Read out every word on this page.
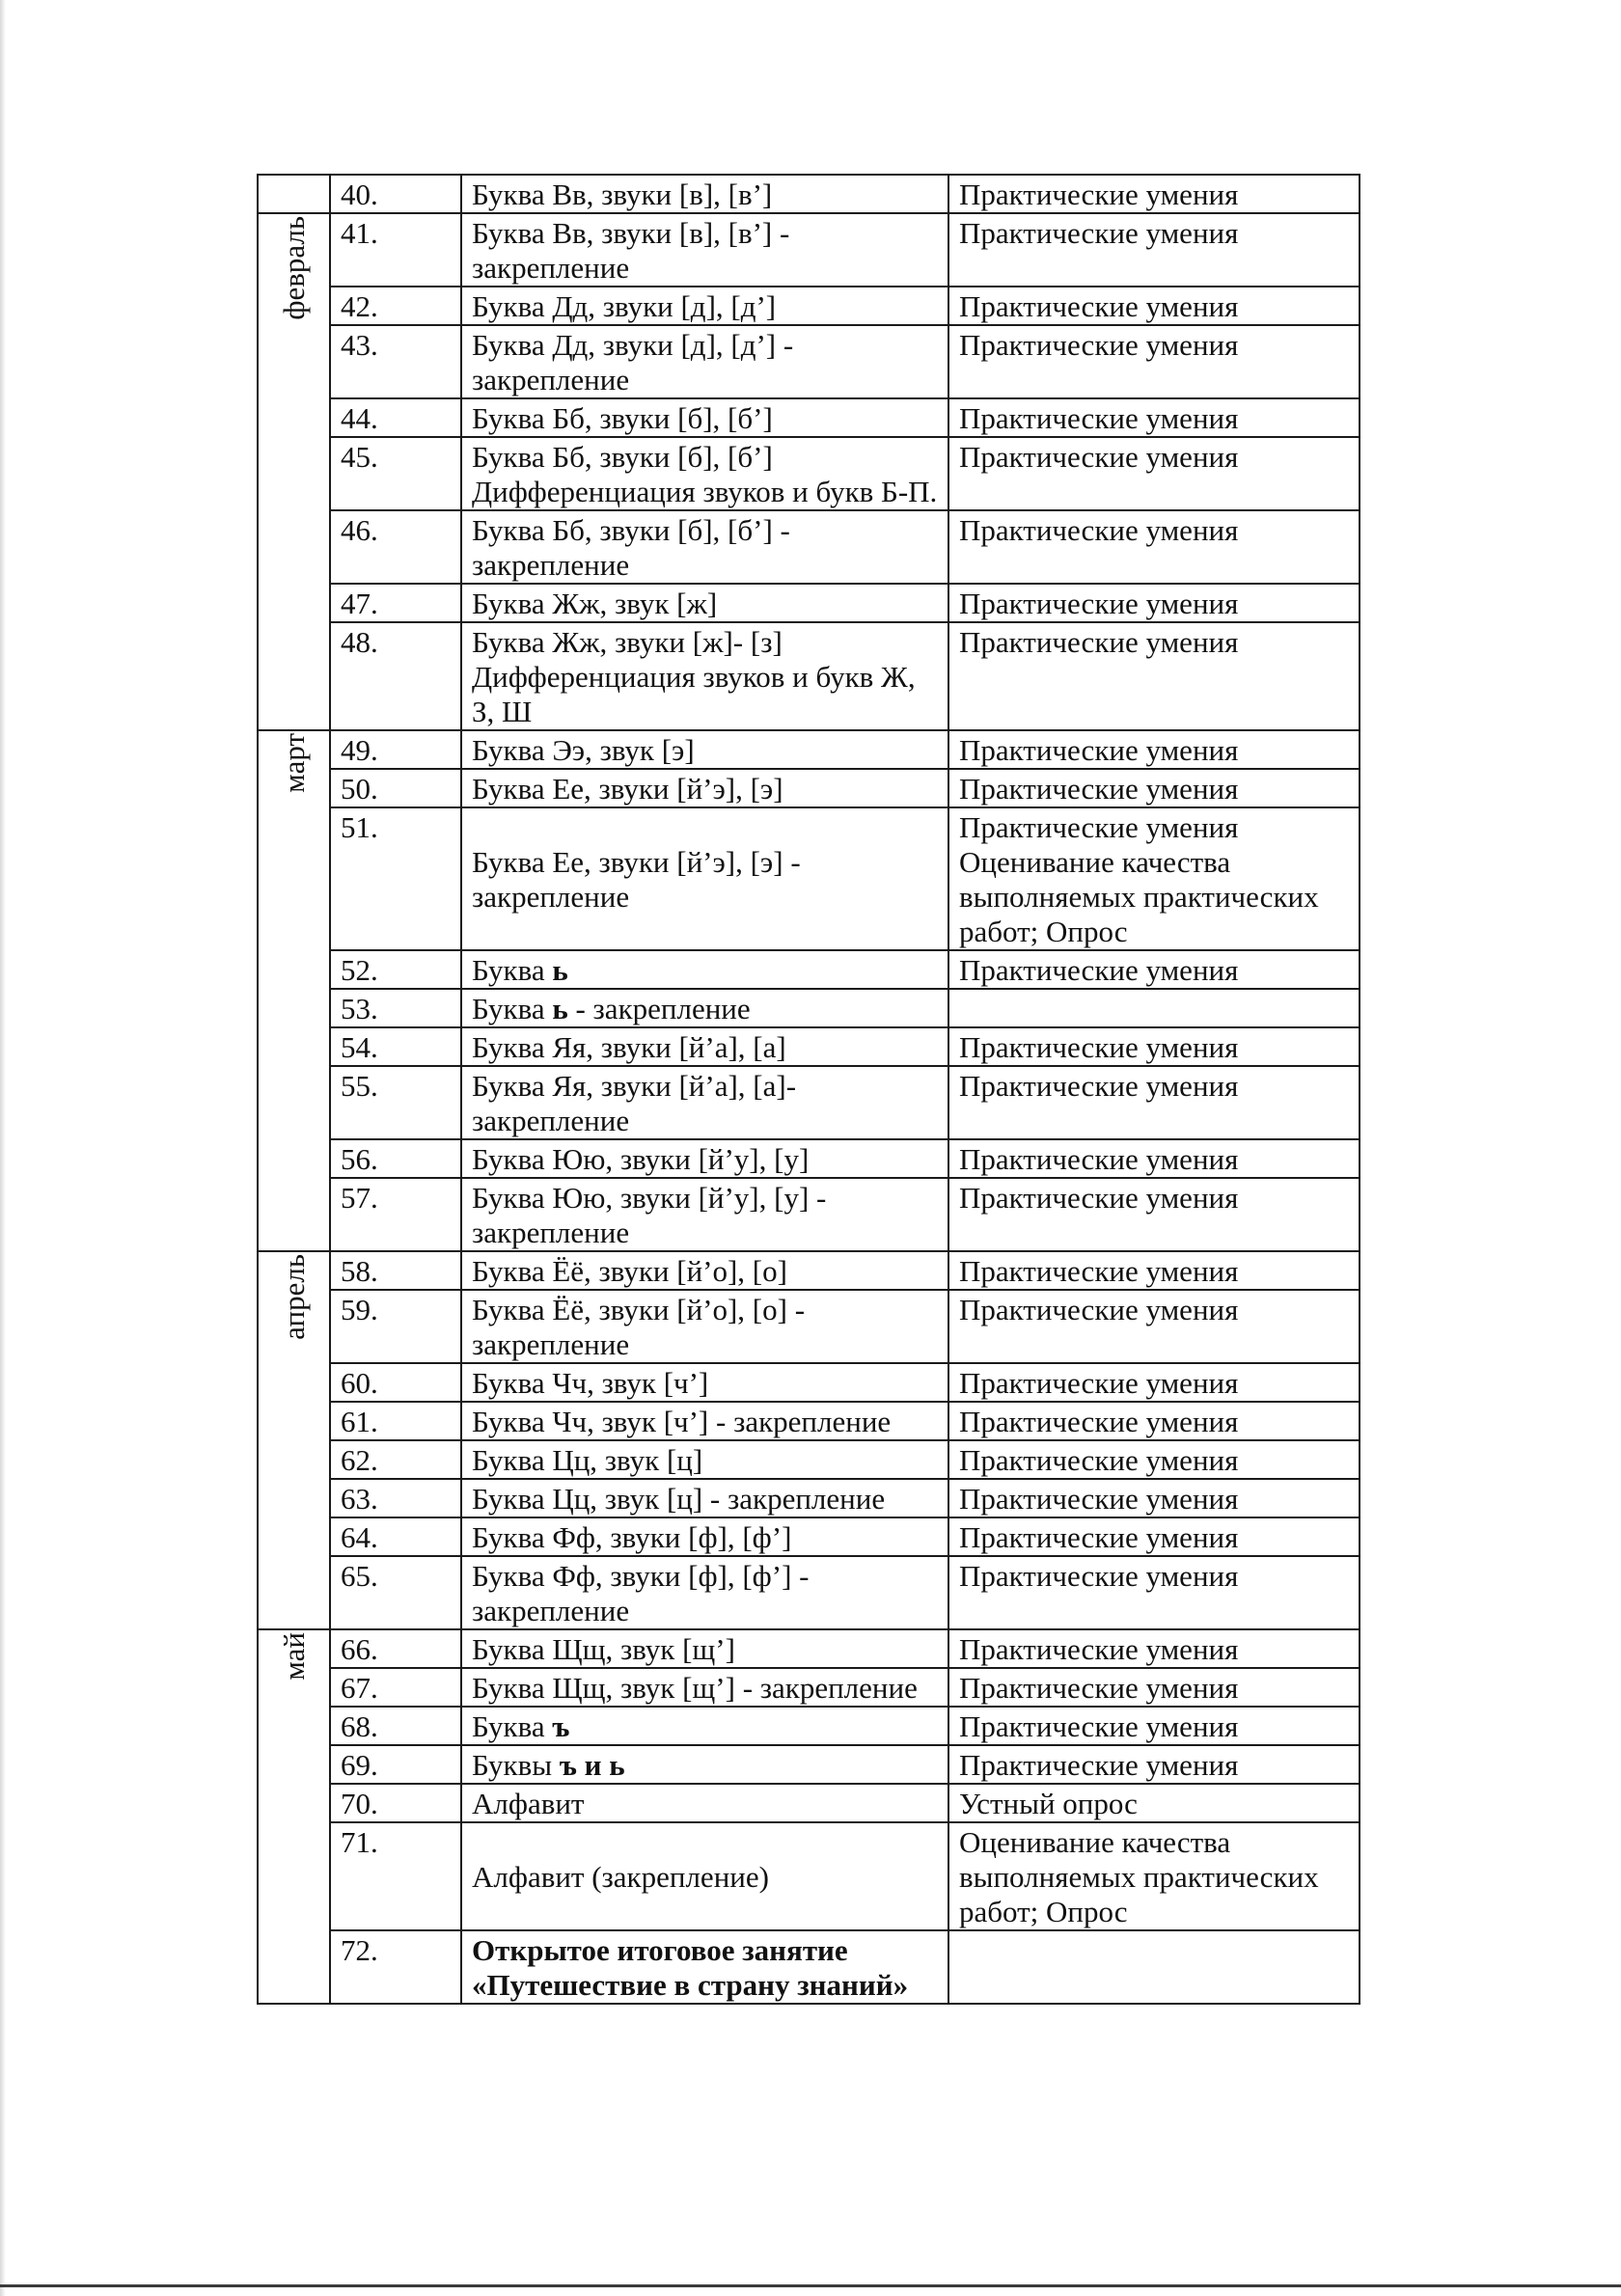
	40.	Буква Вв, звуки [в], [в’]	Практические умения

февраль	41.	Буква Вв, звуки [в], [в’] - закрепление	Практические умения
	42.	Буква Дд, звуки [д], [д’]	Практические умения
	43.	Буква Дд, звуки [д], [д’] - закрепление	Практические умения
	44.	Буква Бб, звуки [б], [б’]	Практические умения
	45.	Буква Бб, звуки [б], [б’] Дифференциация звуков и букв Б-П.	Практические умения
	46.	Буква Бб, звуки [б], [б’] - закрепление	Практические умения
	47.	Буква Жж, звук [ж]	Практические умения
	48.	Буква Жж, звуки [ж]- [з] Дифференциация звуков и букв Ж, З, Ш	Практические умения

март	49.	Буква Ээ, звук [э]	Практические умения
	50.	Буква Ее, звуки [й’э], [э]	Практические умения
	51.	Буква Ее, звуки [й’э], [э] - закрепление	Практические умения Оценивание качества выполняемых практических работ; Опрос
	52.	Буква ь	Практические умения
	53.	Буква ь - закрепление	
	54.	Буква Яя, звуки [й’а], [а]	Практические умения
	55.	Буква Яя, звуки [й’а], [а]- закрепление	Практические умения
	56.	Буква Юю, звуки [й’у], [у]	Практические умения
	57.	Буква Юю, звуки [й’у], [у] - закрепление	Практические умения

апрель	58.	Буква Ёё, звуки [й’о], [о]	Практические умения
	59.	Буква Ёё, звуки [й’о], [о] - закрепление	Практические умения
	60.	Буква Чч, звук [ч’]	Практические умения
	61.	Буква Чч, звук [ч’] - закрепление	Практические умения
	62.	Буква Цц, звук [ц]	Практические умения
	63.	Буква Цц, звук [ц] - закрепление	Практические умения
	64.	Буква Фф, звуки [ф], [ф’]	Практические умения
	65.	Буква Фф, звуки [ф], [ф’] - закрепление	Практические умения

май	66.	Буква Щщ, звук [щ’]	Практические умения
	67.	Буква Щщ, звук [щ’] - закрепление	Практические умения
	68.	Буква ъ	Практические умения
	69.	Буквы ъ и ь	Практические умения
	70.	Алфавит	Устный опрос
	71.	Алфавит (закрепление)	Оценивание качества выполняемых практических работ; Опрос
	72.	Открытое итоговое занятие «Путешествие в страну знаний»	
